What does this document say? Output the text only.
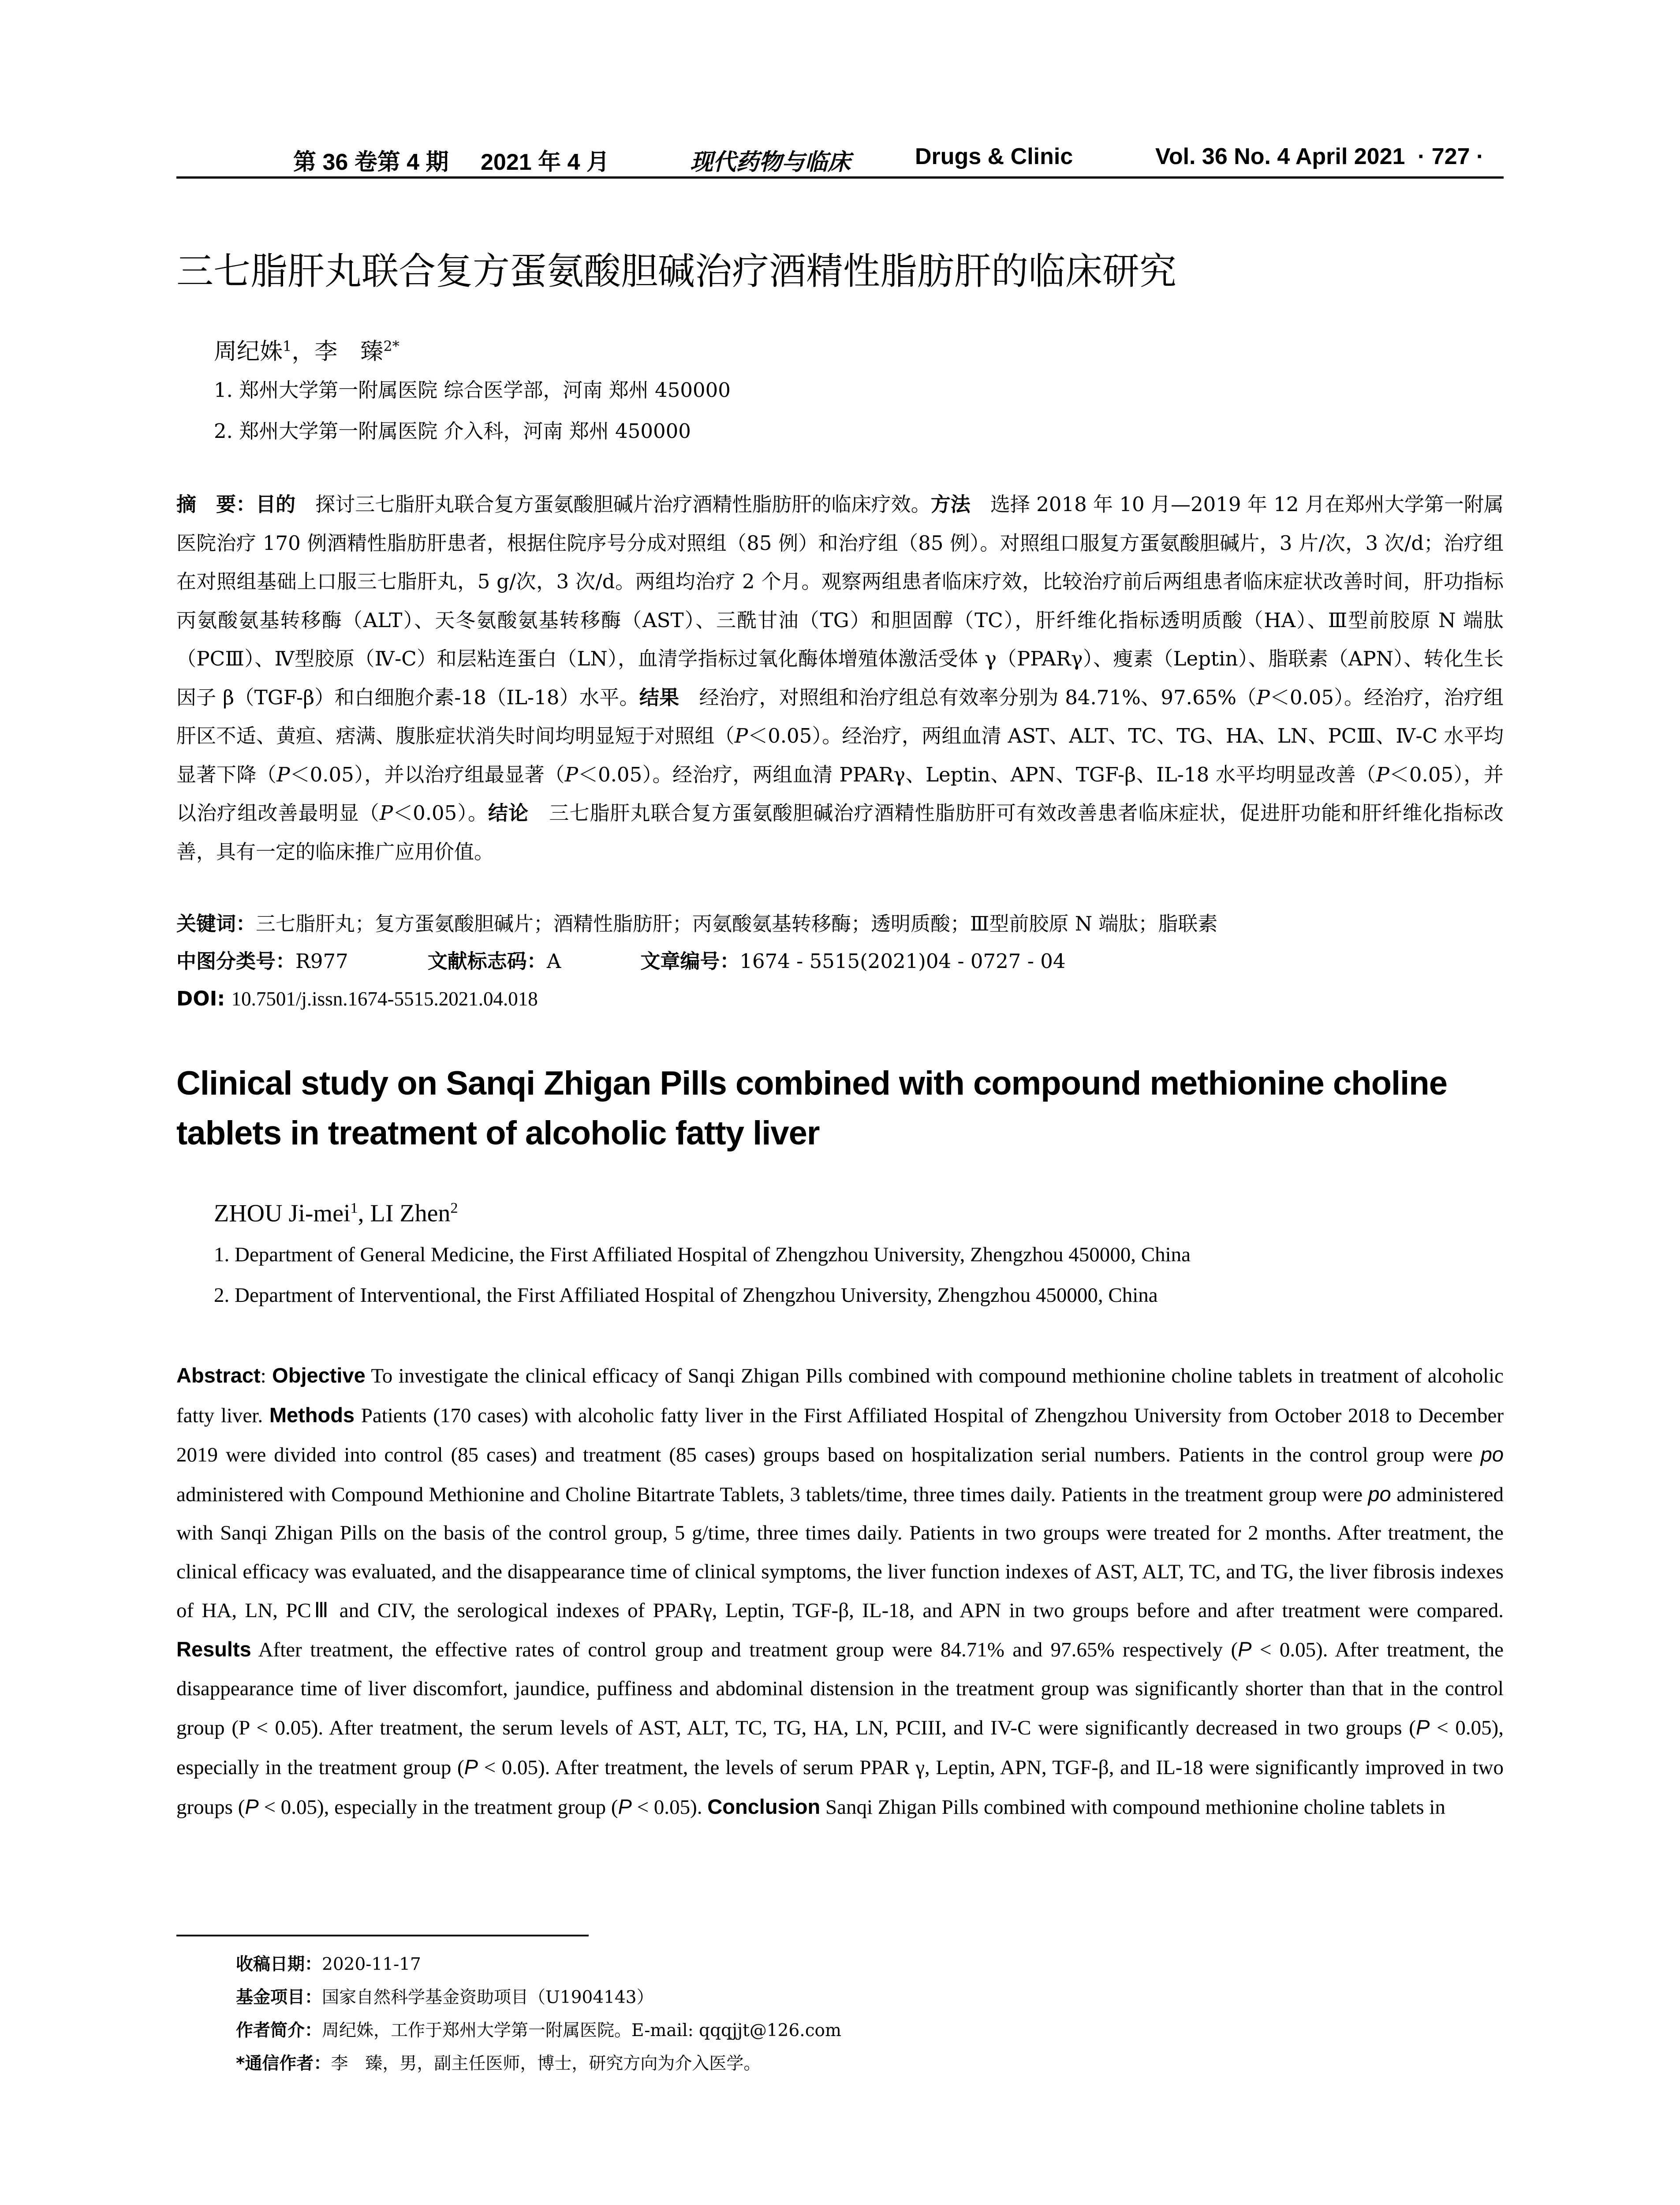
第 36 卷第 4 期 2021 年 4 月	现代药物与临床	Drugs & Clinic	Vol. 36 No. 4 April 2021 · 727 ·
三七脂肝丸联合复方蛋氨酸胆碱治疗酒精性脂肪肝的临床研究
周纪姝$^1$，李　臻$^{2*}$
1. 郑州大学第一附属医院 综合医学部，河南 郑州 450000
2. 郑州大学第一附属医院 介入科，河南 郑州 450000
摘　要：目的　探讨三七脂肝丸联合复方蛋氨酸胆碱片治疗酒精性脂肪肝的临床疗效。方法　选择 2018 年 10 月—2019 年 12 月在郑州大学第一附属医院治疗 170 例酒精性脂肪肝患者，根据住院序号分成对照组（85 例）和治疗组（85 例）。对照组口服复方蛋氨酸胆碱片，3 片/次，3 次/d；治疗组在对照组基础上口服三七脂肝丸，5 g/次，3 次/d。两组均治疗 2 个月。观察两组患者临床疗效，比较治疗前后两组患者临床症状改善时间，肝功指标丙氨酸氨基转移酶（ALT）、天冬氨酸氨基转移酶（AST）、三酰甘油（TG）和胆固醇（TC），肝纤维化指标透明质酸（HA）、Ⅲ型前胶原 N 端肽（PCⅢ）、Ⅳ型胶原（Ⅳ-C）和层粘连蛋白（LN），血清学指标过氧化酶体增殖体激活受体 γ（PPARγ）、瘦素（Leptin）、脂联素（APN）、转化生长因子 β（TGF-β）和白细胞介素-18（IL-18）水平。结果　经治疗，对照组和治疗组总有效率分别为 84.71%、97.65%（P＜0.05）。经治疗，治疗组肝区不适、黄疸、痞满、腹胀症状消失时间均明显短于对照组（P＜0.05）。经治疗，两组血清 AST、ALT、TC、TG、HA、LN、PCⅢ、Ⅳ-C 水平均显著下降（P＜0.05），并以治疗组最显著（P＜0.05）。经治疗，两组血清 PPARγ、Leptin、APN、TGF-β、IL-18 水平均明显改善（P＜0.05），并以治疗组改善最明显（P＜0.05）。结论　三七脂肝丸联合复方蛋氨酸胆碱治疗酒精性脂肪肝可有效改善患者临床症状，促进肝功能和肝纤维化指标改善，具有一定的临床推广应用价值。
关键词：三七脂肝丸；复方蛋氨酸胆碱片；酒精性脂肪肝；丙氨酸氨基转移酶；透明质酸；Ⅲ型前胶原 N 端肽；脂联素
中图分类号：R977	文献标志码：A	文章编号：1674 - 5515(2021)04 - 0727 - 04
DOI: 10.7501/j.issn.1674-5515.2021.04.018
Clinical study on Sanqi Zhigan Pills combined with compound methionine choline tablets in treatment of alcoholic fatty liver
ZHOU Ji-mei$^1$, LI Zhen$^2$
1. Department of General Medicine, the First Affiliated Hospital of Zhengzhou University, Zhengzhou 450000, China
2. Department of Interventional, the First Affiliated Hospital of Zhengzhou University, Zhengzhou 450000, China
Abstract: Objective To investigate the clinical efficacy of Sanqi Zhigan Pills combined with compound methionine choline tablets in treatment of alcoholic fatty liver. Methods Patients (170 cases) with alcoholic fatty liver in the First Affiliated Hospital of Zhengzhou University from October 2018 to December 2019 were divided into control (85 cases) and treatment (85 cases) groups based on hospitalization serial numbers. Patients in the control group were po administered with Compound Methionine and Choline Bitartrate Tablets, 3 tablets/time, three times daily. Patients in the treatment group were po administered with Sanqi Zhigan Pills on the basis of the control group, 5 g/time, three times daily. Patients in two groups were treated for 2 months. After treatment, the clinical efficacy was evaluated, and the disappearance time of clinical symptoms, the liver function indexes of AST, ALT, TC, and TG, the liver fibrosis indexes of HA, LN, PCⅢ and CIV, the serological indexes of PPARγ, Leptin, TGF-β, IL-18, and APN in two groups before and after treatment were compared. Results After treatment, the effective rates of control group and treatment group were 84.71% and 97.65% respectively (P < 0.05). After treatment, the disappearance time of liver discomfort, jaundice, puffiness and abdominal distension in the treatment group was significantly shorter than that in the control group (P < 0.05). After treatment, the serum levels of AST, ALT, TC, TG, HA, LN, PCIII, and IV-C were significantly decreased in two groups (P < 0.05), especially in the treatment group (P < 0.05). After treatment, the levels of serum PPAR γ, Leptin, APN, TGF-β, and IL-18 were significantly improved in two groups (P < 0.05), especially in the treatment group (P < 0.05). Conclusion Sanqi Zhigan Pills combined with compound methionine choline tablets in
收稿日期：2020-11-17
基金项目：国家自然科学基金资助项目（U1904143）
作者简介：周纪姝，工作于郑州大学第一附属医院。E-mail: qqqjjt@126.com
*通信作者：李　臻，男，副主任医师，博士，研究方向为介入医学。
